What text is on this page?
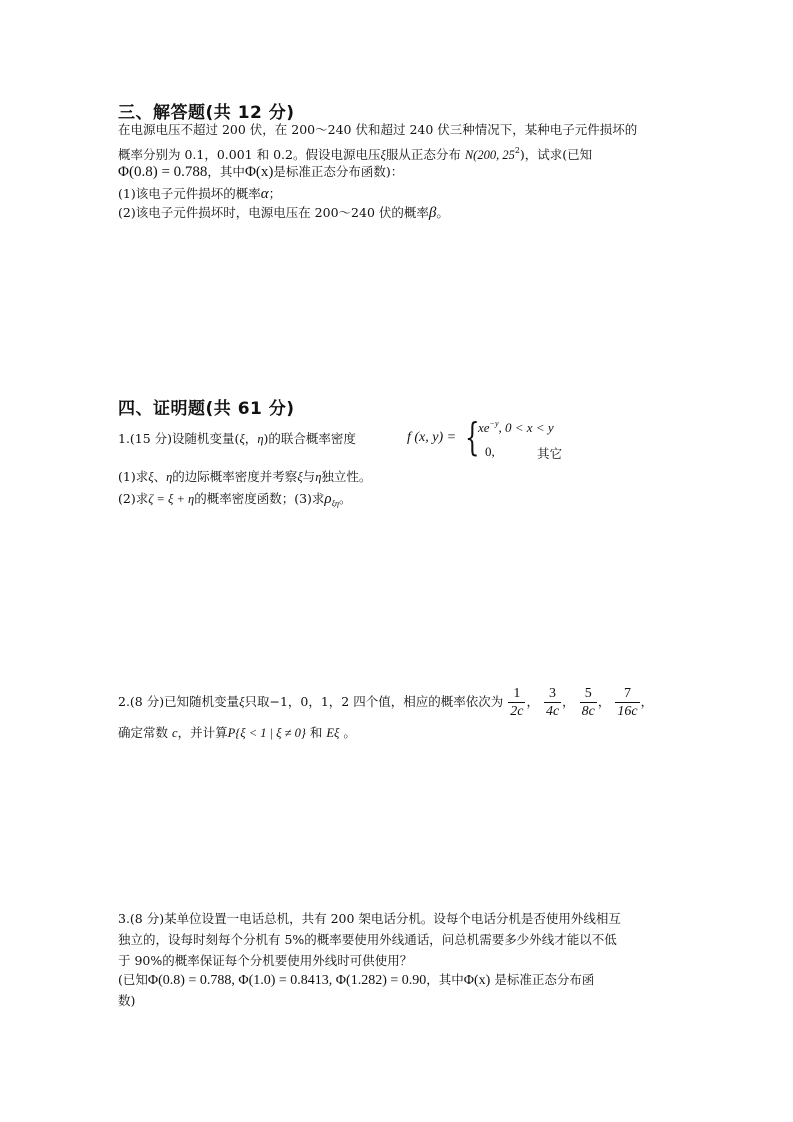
三、解答题(共 12 分)
在电源电压不超过 200 伏，在 200～240 伏和超过 240 伏三种情况下，某种电子元件损坏的
概率分别为 0.1，0.001 和 0.2。假设电源电压ξ服从正态分布 N(200, $25^2$)，试求(已知
Φ(0.8) = 0.788，其中Φ(x)是标准正态分布函数)：
(1)该电子元件损坏的概率α；
(2)该电子元件损坏时，电源电压在 200～240 伏的概率β。
四、证明题(共 61 分)
1.(15 分)设随机变量(ξ，η)的联合概率密度	f (x, y) = {
$xe^{-y}$, 0 < x < y
0,	其它
(1)求ξ、η的边际概率密度并考察ξ与η独立性。
(2)求ζ = ξ + η的概率密度函数；(3)求$\rho_{\xi\eta}$。
2.(8 分)已知随机变量ξ只取−1，0，1，2 四个值，相应的概率依次为 $\frac{1}{2c}$ ， $\frac{3}{4c}$ ， $\frac{5}{8c}$ ， $\frac{7}{16c}$ ，
确定常数 c，并计算P{ξ < 1 | ξ ≠ 0} 和 Eξ 。
3.(8 分)某单位设置一电话总机，共有 200 架电话分机。设每个电话分机是否使用外线相互
独立的，设每时刻每个分机有 5%的概率要使用外线通话，问总机需要多少外线才能以不低
于 90%的概率保证每个分机要使用外线时可供使用？
(已知Φ(0.8) = 0.788, Φ(1.0) = 0.8413, Φ(1.282) = 0.90，其中Φ(x) 是标准正态分布函
数)
